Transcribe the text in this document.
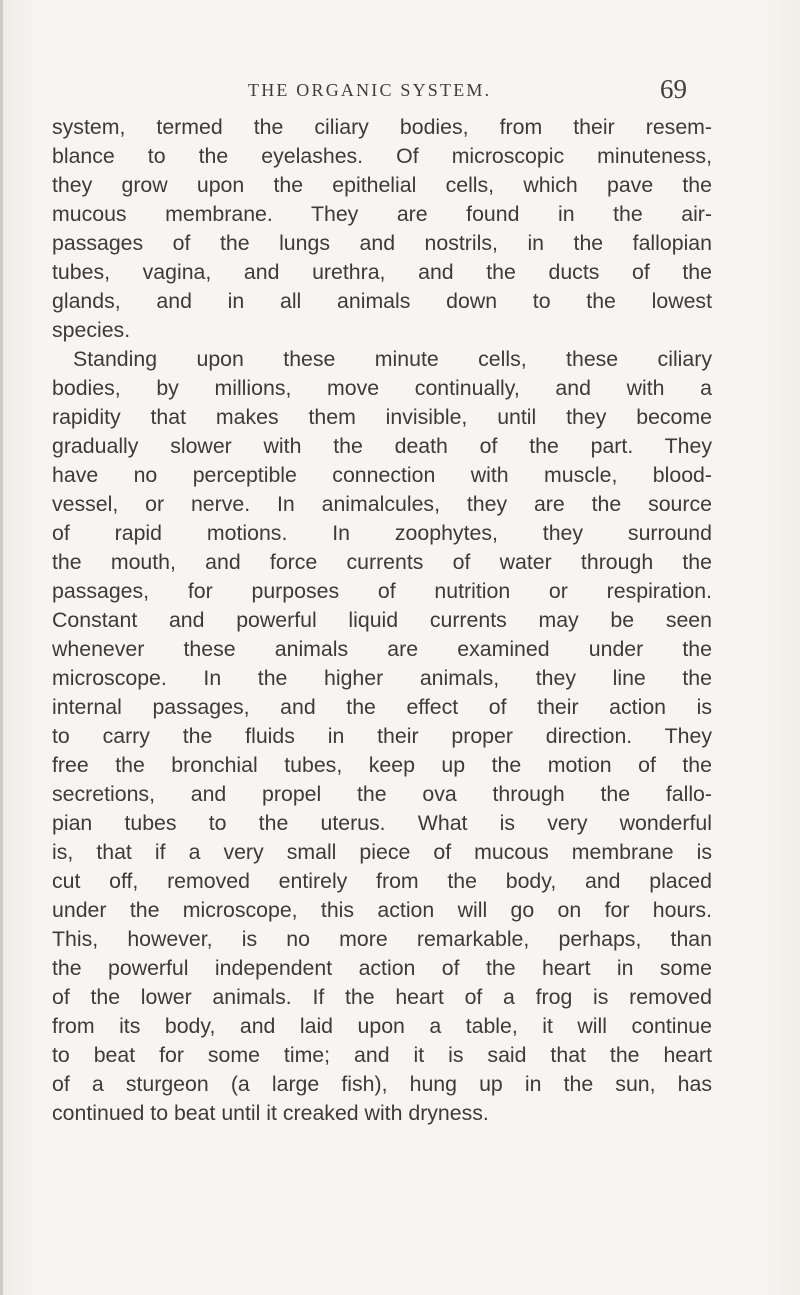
THE ORGANIC SYSTEM.	69
system, termed the ciliary bodies, from their resem-
blance to the eyelashes. Of microscopic minuteness,
they grow upon the epithelial cells, which pave the
mucous membrane. They are found in the air-
passages of the lungs and nostrils, in the fallopian
tubes, vagina, and urethra, and the ducts of the
glands, and in all animals down to the lowest
species.
Standing upon these minute cells, these ciliary
bodies, by millions, move continually, and with a
rapidity that makes them invisible, until they become
gradually slower with the death of the part. They
have no perceptible connection with muscle, blood-
vessel, or nerve. In animalcules, they are the source
of rapid motions. In zoophytes, they surround
the mouth, and force currents of water through the
passages, for purposes of nutrition or respiration.
Constant and powerful liquid currents may be seen
whenever these animals are examined under the
microscope. In the higher animals, they line the
internal passages, and the effect of their action is
to carry the fluids in their proper direction. They
free the bronchial tubes, keep up the motion of the
secretions, and propel the ova through the fallo-
pian tubes to the uterus. What is very wonderful
is, that if a very small piece of mucous membrane is
cut off, removed entirely from the body, and placed
under the microscope, this action will go on for hours.
This, however, is no more remarkable, perhaps, than
the powerful independent action of the heart in some
of the lower animals. If the heart of a frog is removed
from its body, and laid upon a table, it will continue
to beat for some time; and it is said that the heart
of a sturgeon (a large fish), hung up in the sun, has
continued to beat until it creaked with dryness.
